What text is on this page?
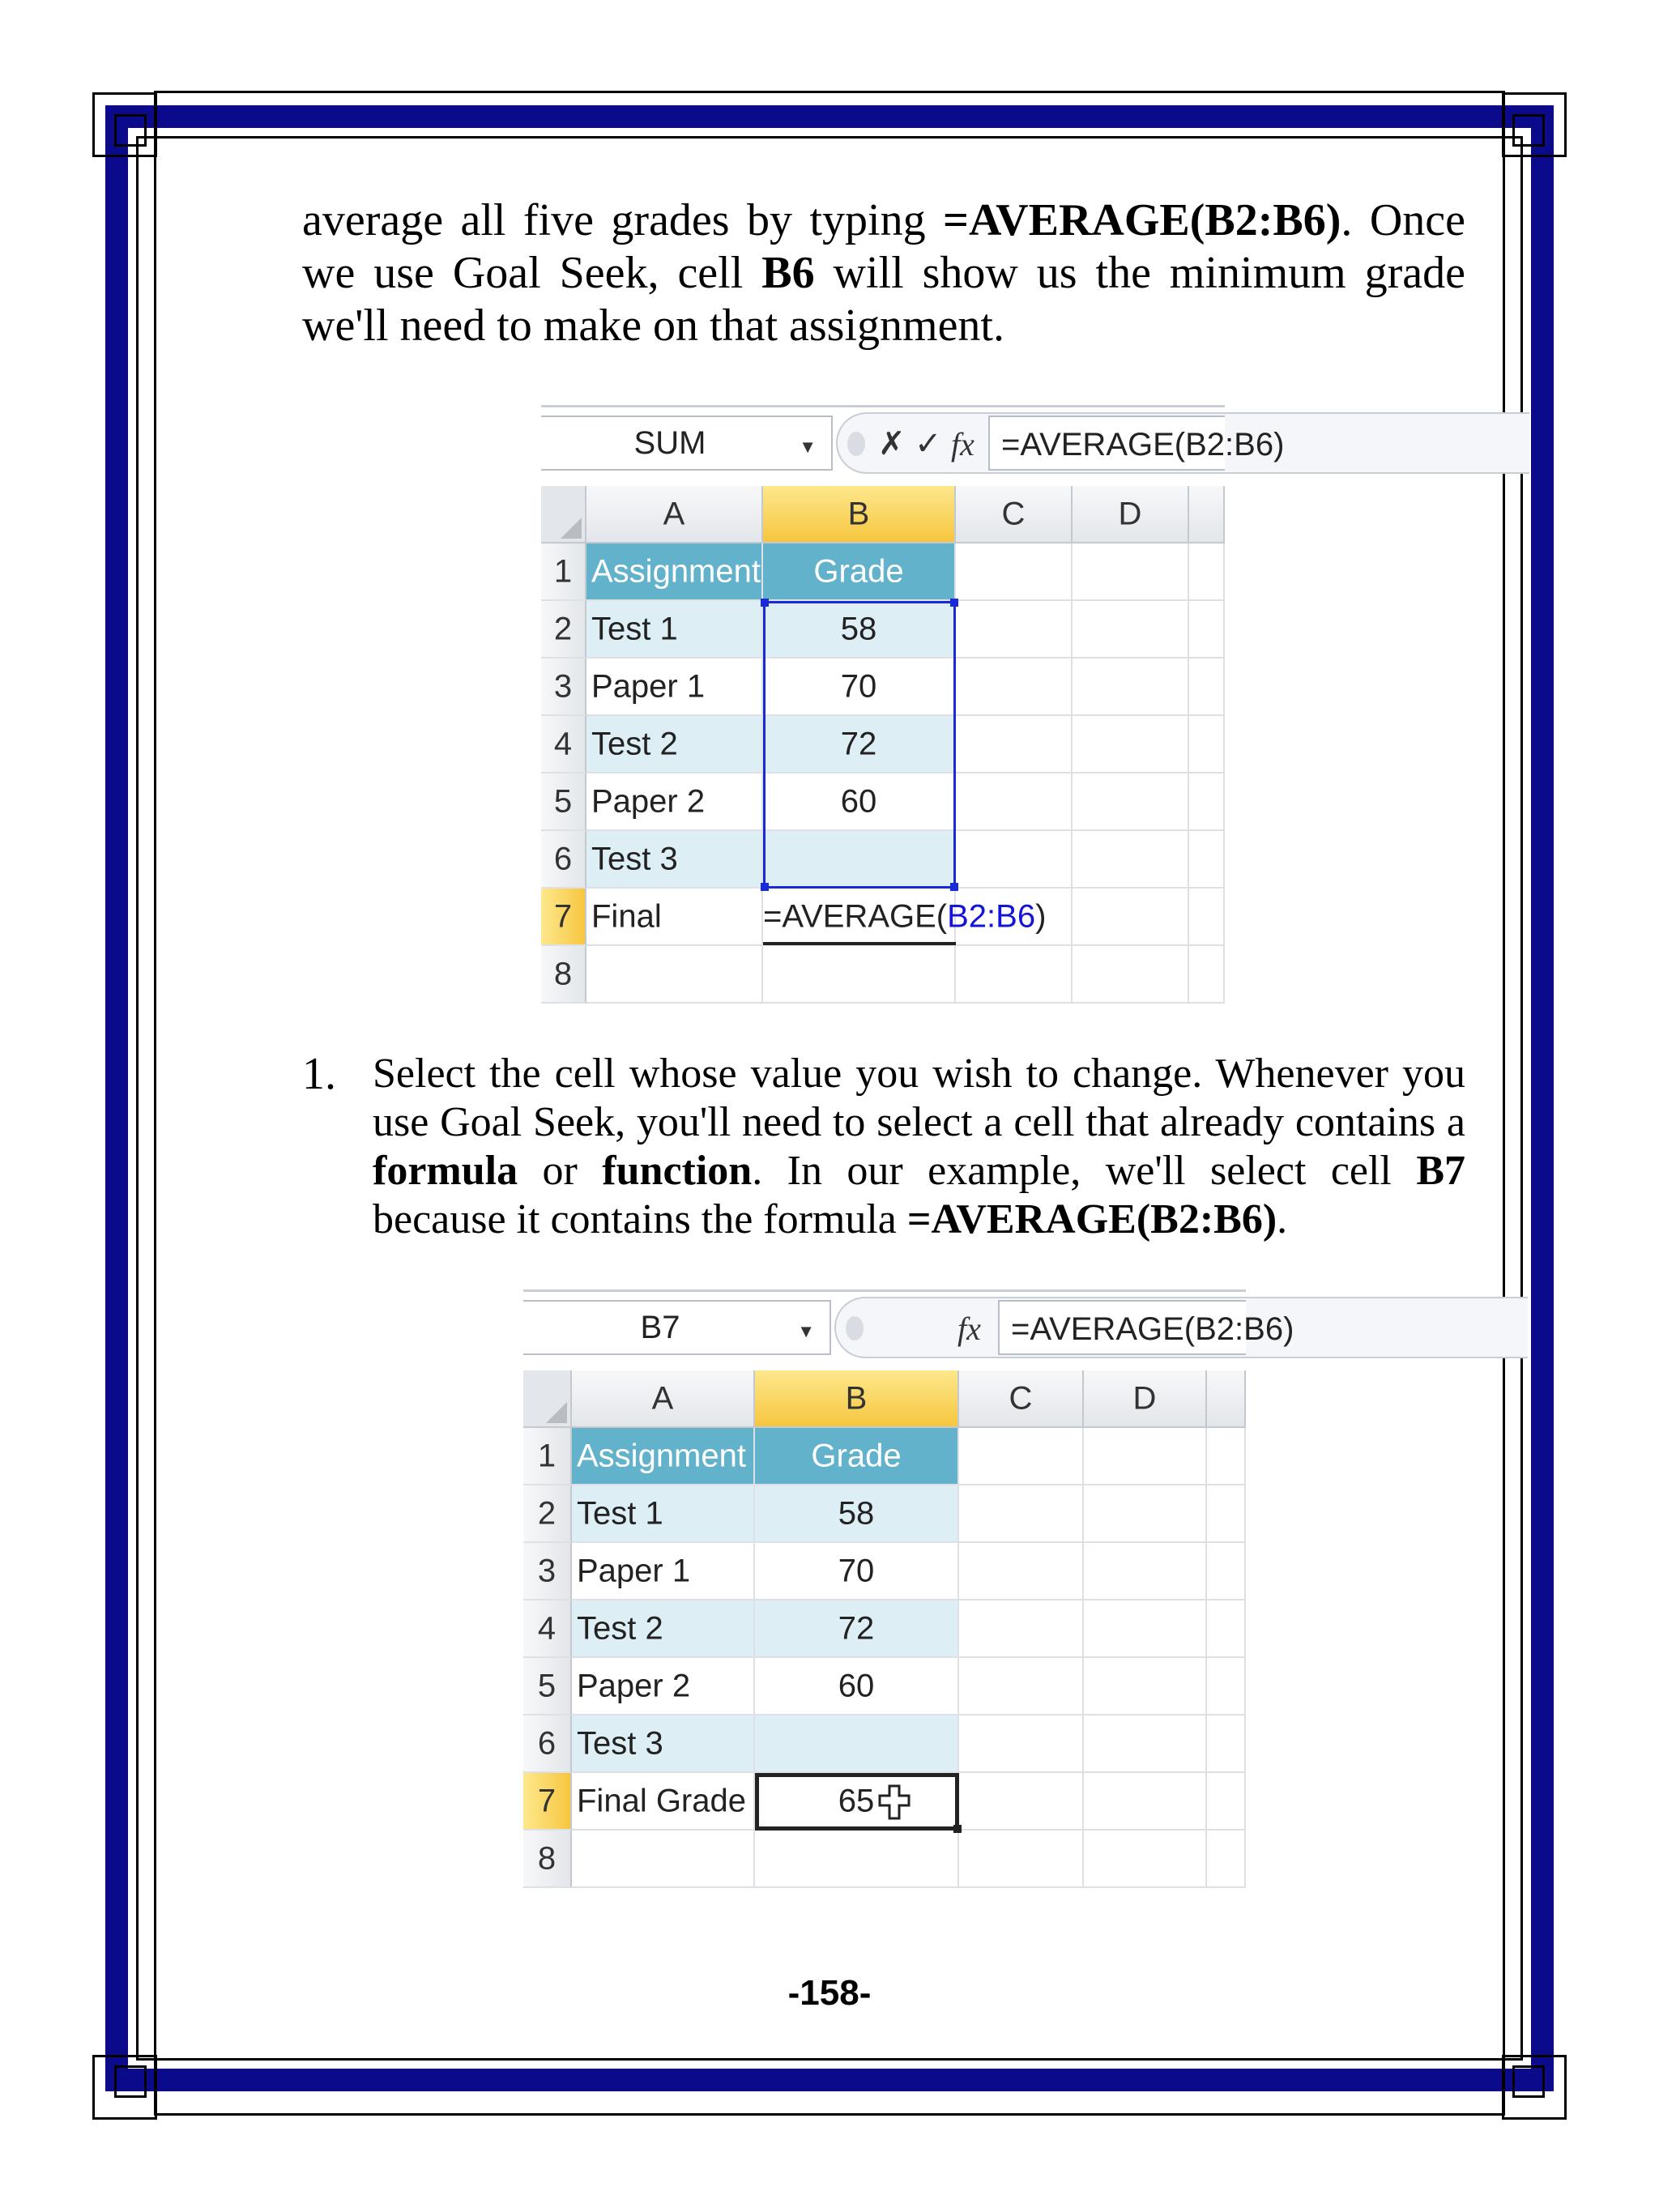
average all five grades by typing =AVERAGE(B2:B6). Once we use Goal Seek, cell B6 will show us the minimum grade we'll need to make on that assignment.
SUM	▼ ✗ ✓ fx =AVERAGE(B2:B6)
A	B	C	D
1 Assignment	Grade
2 Test 1	58
3 Paper 1	70
4 Test 2	72
5 Paper 2	60
6 Test 3
7 Final	=AVERAGE(B2:B6)
8
1. Select the cell whose value you wish to change. Whenever you use Goal Seek, you'll need to select a cell that already contains a formula or function. In our example, we'll select cell B7 because it contains the formula =AVERAGE(B2:B6).
B7	▼	fx =AVERAGE(B2:B6)
A	B	C	D
1 Assignment	Grade
2 Test 1	58
3 Paper 1	70
4 Test 2	72
5 Paper 2	60
6 Test 3
7 Final Grade	65
8
-158-
